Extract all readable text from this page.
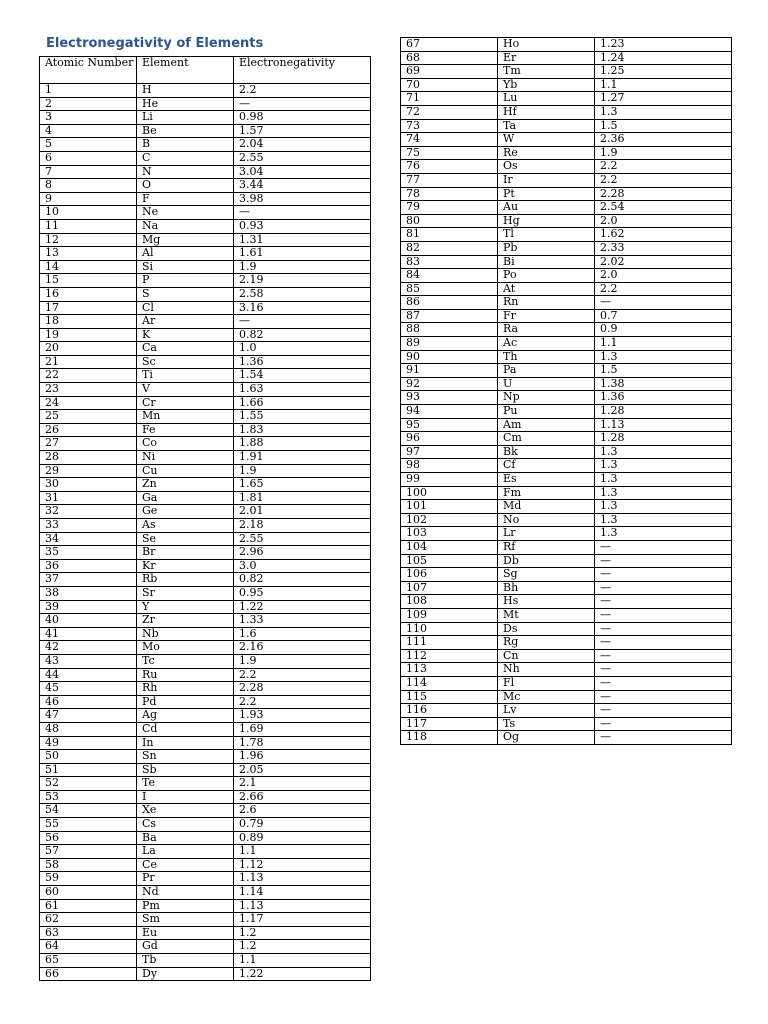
Electronegativity of Elements
Atomic Number	Element	Electronegativity
1	H	2.2
2	He	—
3	Li	0.98
4	Be	1.57
5	B	2.04
6	C	2.55
7	N	3.04
8	O	3.44
9	F	3.98
10	Ne	—
11	Na	0.93
12	Mg	1.31
13	Al	1.61
14	Si	1.9
15	P	2.19
16	S	2.58
17	Cl	3.16
18	Ar	—
19	K	0.82
20	Ca	1.0
21	Sc	1.36
22	Ti	1.54
23	V	1.63
24	Cr	1.66
25	Mn	1.55
26	Fe	1.83
27	Co	1.88
28	Ni	1.91
29	Cu	1.9
30	Zn	1.65
31	Ga	1.81
32	Ge	2.01
33	As	2.18
34	Se	2.55
35	Br	2.96
36	Kr	3.0
37	Rb	0.82
38	Sr	0.95
39	Y	1.22
40	Zr	1.33
41	Nb	1.6
42	Mo	2.16
43	Tc	1.9
44	Ru	2.2
45	Rh	2.28
46	Pd	2.2
47	Ag	1.93
48	Cd	1.69
49	In	1.78
50	Sn	1.96
51	Sb	2.05
52	Te	2.1
53	I	2.66
54	Xe	2.6
55	Cs	0.79
56	Ba	0.89
57	La	1.1
58	Ce	1.12
59	Pr	1.13
60	Nd	1.14
61	Pm	1.13
62	Sm	1.17
63	Eu	1.2
64	Gd	1.2
65	Tb	1.1
66	Dy	1.22
67	Ho	1.23
68	Er	1.24
69	Tm	1.25
70	Yb	1.1
71	Lu	1.27
72	Hf	1.3
73	Ta	1.5
74	W	2.36
75	Re	1.9
76	Os	2.2
77	Ir	2.2
78	Pt	2.28
79	Au	2.54
80	Hg	2.0
81	Tl	1.62
82	Pb	2.33
83	Bi	2.02
84	Po	2.0
85	At	2.2
86	Rn	—
87	Fr	0.7
88	Ra	0.9
89	Ac	1.1
90	Th	1.3
91	Pa	1.5
92	U	1.38
93	Np	1.36
94	Pu	1.28
95	Am	1.13
96	Cm	1.28
97	Bk	1.3
98	Cf	1.3
99	Es	1.3
100	Fm	1.3
101	Md	1.3
102	No	1.3
103	Lr	1.3
104	Rf	—
105	Db	—
106	Sg	—
107	Bh	—
108	Hs	—
109	Mt	—
110	Ds	—
111	Rg	—
112	Cn	—
113	Nh	—
114	Fl	—
115	Mc	—
116	Lv	—
117	Ts	—
118	Og	—
